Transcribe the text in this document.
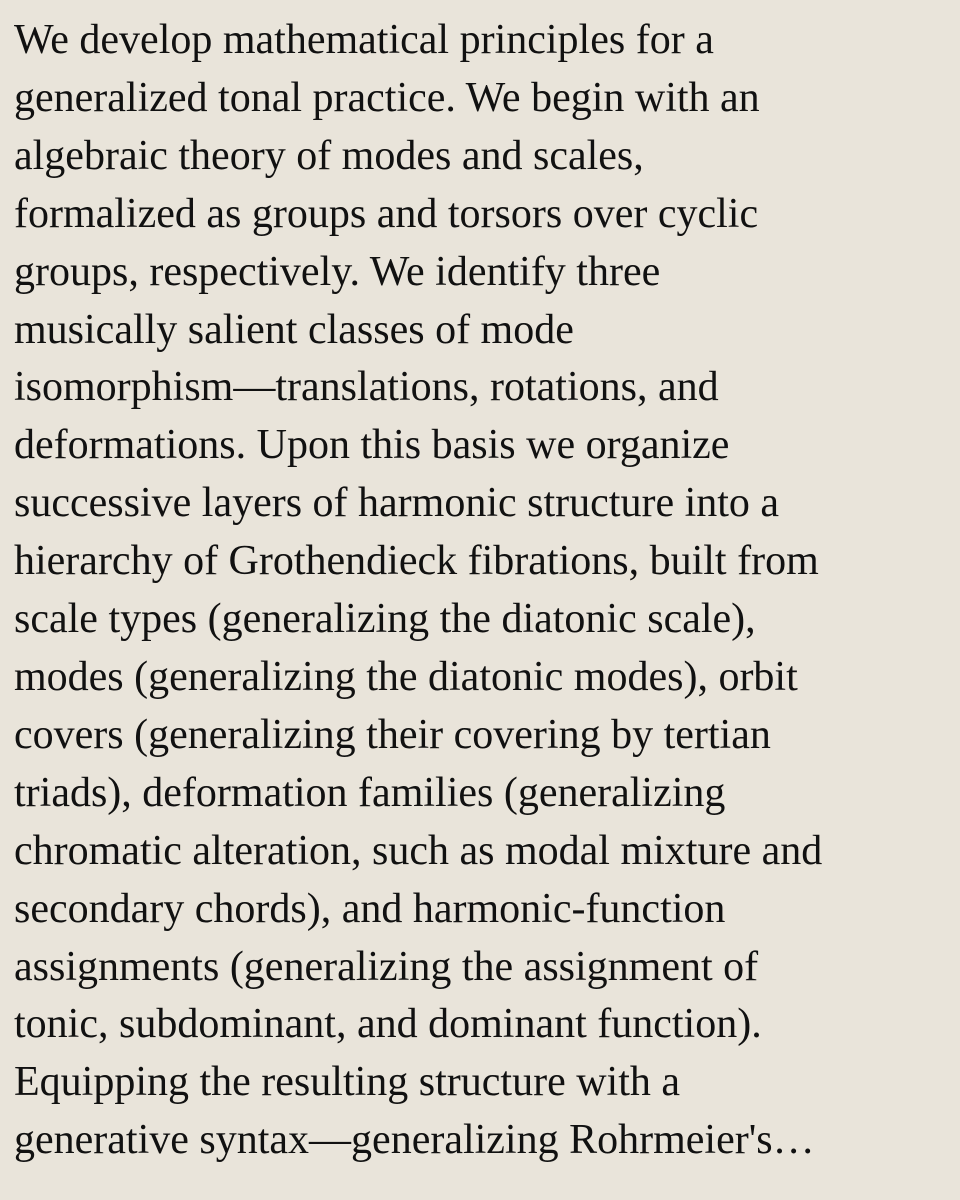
We develop mathematical principles for a
generalized tonal practice. We begin with an
algebraic theory of modes and scales,
formalized as groups and torsors over cyclic
groups, respectively. We identify three
musically salient classes of mode
isomorphism—translations, rotations, and
deformations. Upon this basis we organize
successive layers of harmonic structure into a
hierarchy of Grothendieck fibrations, built from
scale types (generalizing the diatonic scale),
modes (generalizing the diatonic modes), orbit
covers (generalizing their covering by tertian
triads), deformation families (generalizing
chromatic alteration, such as modal mixture and
secondary chords), and harmonic-function
assignments (generalizing the assignment of
tonic, subdominant, and dominant function).
Equipping the resulting structure with a
generative syntax—generalizing Rohrmeier's…
